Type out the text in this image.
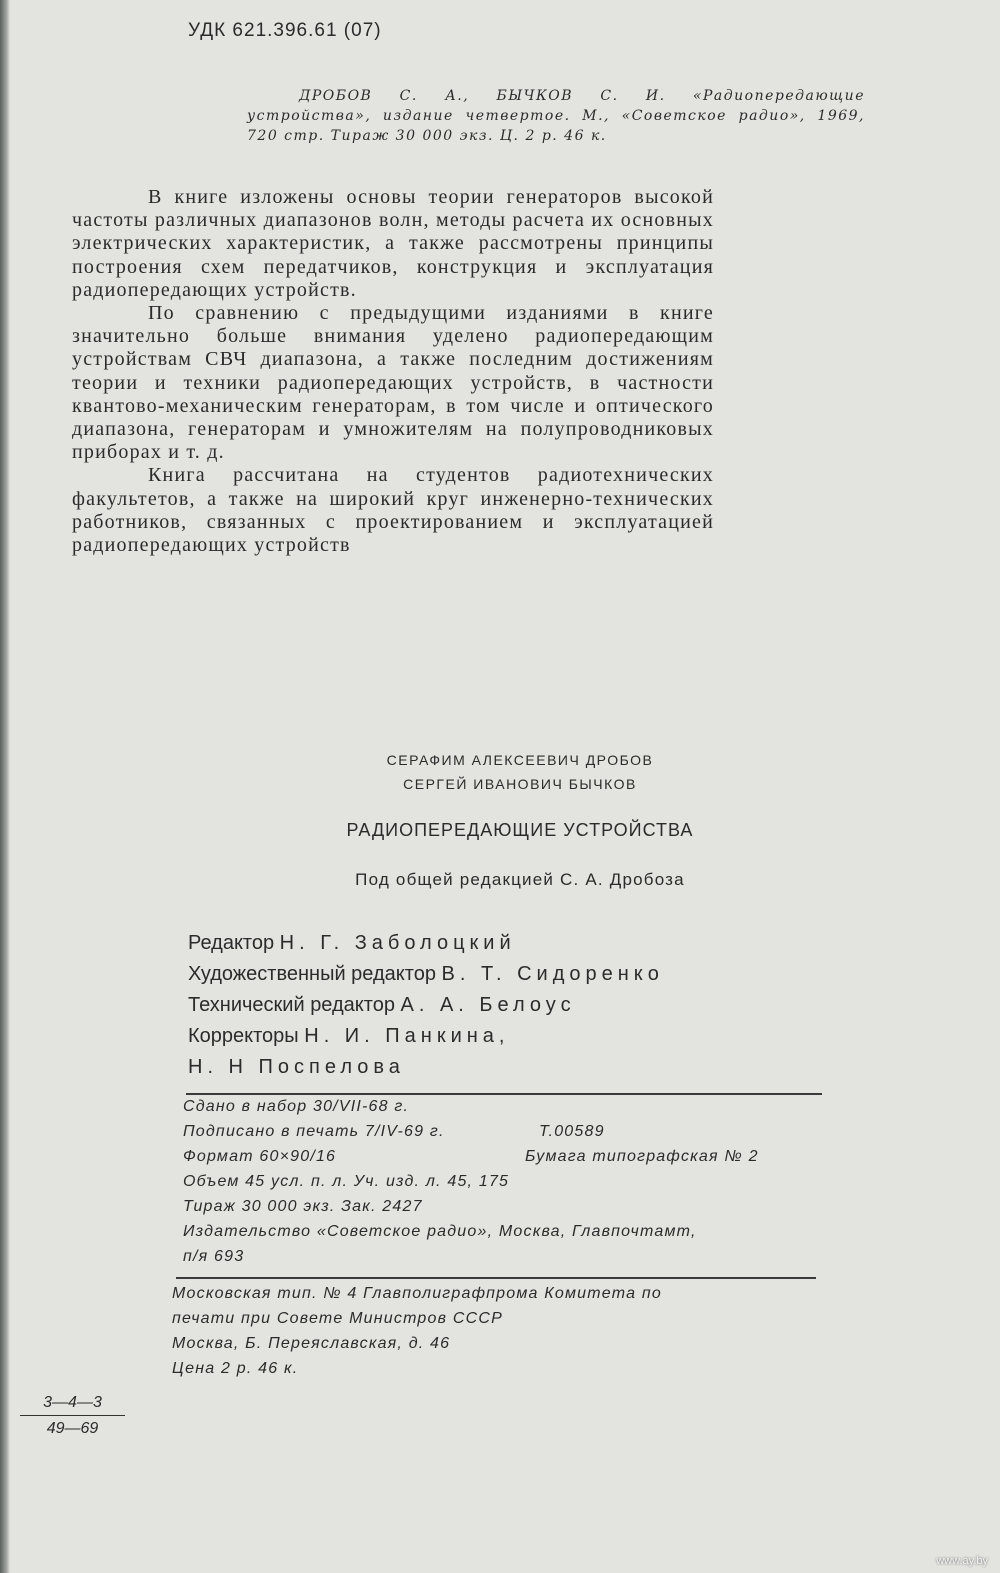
УДК 621.396.61 (07)
ДРОБОВ С. А., БЫЧКОВ С. И. «Радиопередающие устройства», издание четвертое. М., «Советское радио», 1969, 720 стр. Тираж 30 000 экз. Ц. 2 р. 46 к.

В книге изложены основы теории генераторов высокой частоты различных диапазонов волн, методы расчета их основных электрических характеристик, а также рассмотрены принципы построения схем передатчиков, конструкция и эксплуатация радиопередающих устройств.

По сравнению с предыдущими изданиями в книге значительно больше внимания уделено радиопередающим устройствам СВЧ диапазона, а также последним достижениям теории и техники радиопередающих устройств, в частности квантово-механическим генераторам, в том числе и оптического диапазона, генераторам и умножителям на полупроводниковых приборах и т. д.

Книга рассчитана на студентов радиотехнических факультетов, а также на широкий круг инженерно-технических работников, связанных с проектированием и эксплуатацией радиопередающих устройств

СЕРАФИМ АЛЕКСЕЕВИЧ ДРОБОВ
СЕРГЕЙ ИВАНОВИЧ БЫЧКОВ
РАДИОПЕРЕДАЮЩИЕ УСТРОЙСТВА
Под общей редакцией С. А. Дробоза
Редактор Н. Г. Заболоцкий
Художественный редактор В. Т. Сидоренко
Технический редактор А. А. Белоус
Корректоры Н. И. Панкина,
Н. Н Поспелова
Сдано в набор 30/VII-68 г.
Подписано в печать 7/IV-69 г.	Т.00589
Формат 60×90/16	Бумага типографская № 2
Объем 45 усл. п. л. Уч. изд. л. 45, 175
Тираж 30 000 экз. Зак. 2427
Издательство «Советское радио», Москва, Главпочтамт,
п/я 693
Московская тип. № 4 Главполиграфпрома Комитета по
печати при Совете Министров СССР
Москва, Б. Переяславская, д. 46
Цена 2 р. 46 к.
$\frac{3—4—3}{49—69}$
www.ay.by
